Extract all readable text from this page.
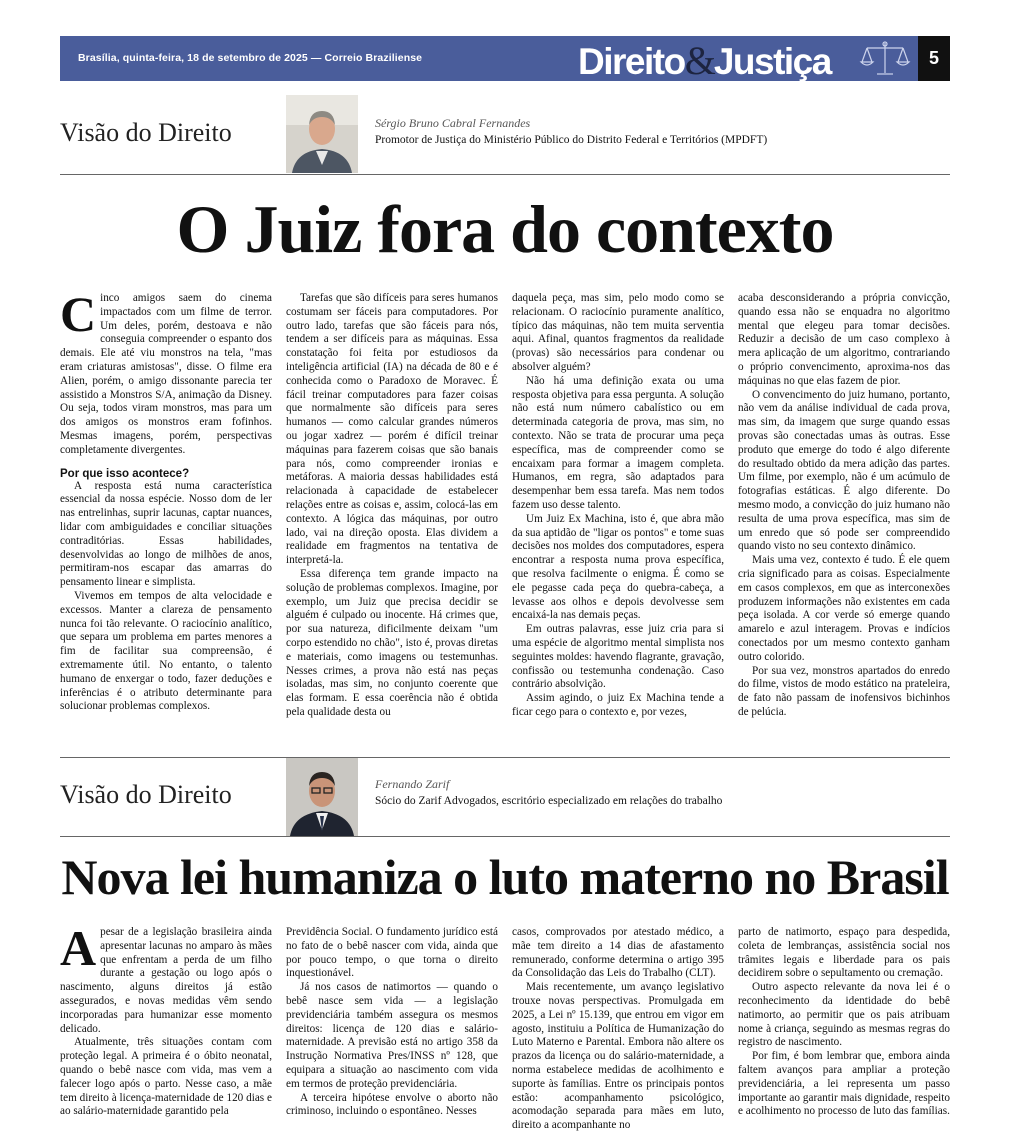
Brasília, quinta-feira, 18 de setembro de 2025 — Correio Braziliense	Direito&Justiça	5
Visão do Direito	Sérgio Bruno Cabral Fernandes
Promotor de Justiça do Ministério Público do Distrito Federal e Territórios (MPDFT)
O Juiz fora do contexto

Cinco amigos saem do cinema impactados com um filme de terror. Um deles, porém, destoava e não conseguia compreender o espanto dos demais. Ele até viu monstros na tela, "mas eram criaturas amistosas", disse. O filme era Alien, porém, o amigo dissonante parecia ter assistido a Monstros S/A, animação da Disney. Ou seja, todos viram monstros, mas para um dos amigos os monstros eram fofinhos. Mesmas imagens, porém, perspectivas completamente divergentes.

Por que isso acontece?

A resposta está numa característica essencial da nossa espécie. Nosso dom de ler nas entrelinhas, suprir lacunas, captar nuances, lidar com ambiguidades e conciliar situações contraditórias. Essas habilidades, desenvolvidas ao longo de milhões de anos, permitiram-nos escapar das amarras do pensamento linear e simplista.

Vivemos em tempos de alta velocidade e excessos. Manter a clareza de pensamento nunca foi tão relevante. O raciocínio analítico, que separa um problema em partes menores a fim de facilitar sua compreensão, é extremamente útil. No entanto, o talento humano de enxergar o todo, fazer deduções e inferências é o atributo determinante para solucionar problemas complexos.

Tarefas que são difíceis para seres humanos costumam ser fáceis para computadores. Por outro lado, tarefas que são fáceis para nós, tendem a ser difíceis para as máquinas. Essa constatação foi feita por estudiosos da inteligência artificial (IA) na década de 80 e é conhecida como o Paradoxo de Moravec. É fácil treinar computadores para fazer coisas que normalmente são difíceis para seres humanos — como calcular grandes números ou jogar xadrez — porém é difícil treinar máquinas para fazerem coisas que são banais para nós, como compreender ironias e metáforas. A maioria dessas habilidades está relacionada à capacidade de estabelecer relações entre as coisas e, assim, colocá-las em contexto. A lógica das máquinas, por outro lado, vai na direção oposta. Elas dividem a realidade em fragmentos na tentativa de interpretá-la.

Essa diferença tem grande impacto na solução de problemas complexos. Imagine, por exemplo, um Juiz que precisa decidir se alguém é culpado ou inocente. Há crimes que, por sua natureza, dificilmente deixam "um corpo estendido no chão", isto é, provas diretas e materiais, como imagens ou testemunhas. Nesses crimes, a prova não está nas peças isoladas, mas sim, no conjunto coerente que elas formam. E essa coerência não é obtida pela qualidade desta ou

daquela peça, mas sim, pelo modo como se relacionam. O raciocínio puramente analítico, típico das máquinas, não tem muita serventia aqui. Afinal, quantos fragmentos da realidade (provas) são necessários para condenar ou absolver alguém?

Não há uma definição exata ou uma resposta objetiva para essa pergunta. A solução não está num número cabalístico ou em determinada categoria de prova, mas sim, no contexto. Não se trata de procurar uma peça específica, mas de compreender como se encaixam para formar a imagem completa. Humanos, em regra, são adaptados para desempenhar bem essa tarefa. Mas nem todos fazem uso desse talento.

Um Juiz Ex Machina, isto é, que abra mão da sua aptidão de "ligar os pontos" e tome suas decisões nos moldes dos computadores, espera encontrar a resposta numa prova específica, que resolva facilmente o enigma. É como se ele pegasse cada peça do quebra-cabeça, a levasse aos olhos e depois devolvesse sem encaixá-la nas demais peças.

Em outras palavras, esse juiz cria para si uma espécie de algoritmo mental simplista nos seguintes moldes: havendo flagrante, gravação, confissão ou testemunha condenação. Caso contrário absolvição.

Assim agindo, o juiz Ex Machina tende a ficar cego para o contexto e, por vezes,

acaba desconsiderando a própria convicção, quando essa não se enquadra no algoritmo mental que elegeu para tomar decisões. Reduzir a decisão de um caso complexo à mera aplicação de um algoritmo, contrariando o próprio convencimento, aproxima-nos das máquinas no que elas fazem de pior.

O convencimento do juiz humano, portanto, não vem da análise individual de cada prova, mas sim, da imagem que surge quando essas provas são conectadas umas às outras. Esse produto que emerge do todo é algo diferente do resultado obtido da mera adição das partes. Um filme, por exemplo, não é um acúmulo de fotografias estáticas. É algo diferente. Do mesmo modo, a convicção do juiz humano não resulta de uma prova específica, mas sim de um enredo que só pode ser compreendido quando visto no seu contexto dinâmico.

Mais uma vez, contexto é tudo. É ele quem cria significado para as coisas. Especialmente em casos complexos, em que as interconexões produzem informações não existentes em cada peça isolada. A cor verde só emerge quando amarelo e azul interagem. Provas e indícios conectados por um mesmo contexto ganham outro colorido.

Por sua vez, monstros apartados do enredo do filme, vistos de modo estático na prateleira, de fato não passam de inofensivos bichinhos de pelúcia.

Visão do Direito	Fernando Zarif
Sócio do Zarif Advogados, escritório especializado em relações do trabalho
Nova lei humaniza o luto materno no Brasil

Apesar de a legislação brasileira ainda apresentar lacunas no amparo às mães que enfrentam a perda de um filho durante a gestação ou logo após o nascimento, alguns direitos já estão assegurados, e novas medidas vêm sendo incorporadas para humanizar esse momento delicado.

Atualmente, três situações contam com proteção legal. A primeira é o óbito neonatal, quando o bebê nasce com vida, mas vem a falecer logo após o parto. Nesse caso, a mãe tem direito à licença-maternidade de 120 dias e ao salário-maternidade garantido pela

Previdência Social. O fundamento jurídico está no fato de o bebê nascer com vida, ainda que por pouco tempo, o que torna o direito inquestionável.

Já nos casos de natimortos — quando o bebê nasce sem vida — a legislação previdenciária também assegura os mesmos direitos: licença de 120 dias e salário-maternidade. A previsão está no artigo 358 da Instrução Normativa Pres/INSS nº 128, que equipara a situação ao nascimento com vida em termos de proteção previdenciária.

A terceira hipótese envolve o aborto não criminoso, incluindo o espontâneo. Nesses

casos, comprovados por atestado médico, a mãe tem direito a 14 dias de afastamento remunerado, conforme determina o artigo 395 da Consolidação das Leis do Trabalho (CLT).

Mais recentemente, um avanço legislativo trouxe novas perspectivas. Promulgada em 2025, a Lei nº 15.139, que entrou em vigor em agosto, instituiu a Política de Humanização do Luto Materno e Parental. Embora não altere os prazos da licença ou do salário-maternidade, a norma estabelece medidas de acolhimento e suporte às famílias. Entre os principais pontos estão: acompanhamento psicológico, acomodação separada para mães em luto, direito a acompanhante no

parto de natimorto, espaço para despedida, coleta de lembranças, assistência social nos trâmites legais e liberdade para os pais decidirem sobre o sepultamento ou cremação.

Outro aspecto relevante da nova lei é o reconhecimento da identidade do bebê natimorto, ao permitir que os pais atribuam nome à criança, seguindo as mesmas regras do registro de nascimento.

Por fim, é bom lembrar que, embora ainda faltem avanços para ampliar a proteção previdenciária, a lei representa um passo importante ao garantir mais dignidade, respeito e acolhimento no processo de luto das famílias.
